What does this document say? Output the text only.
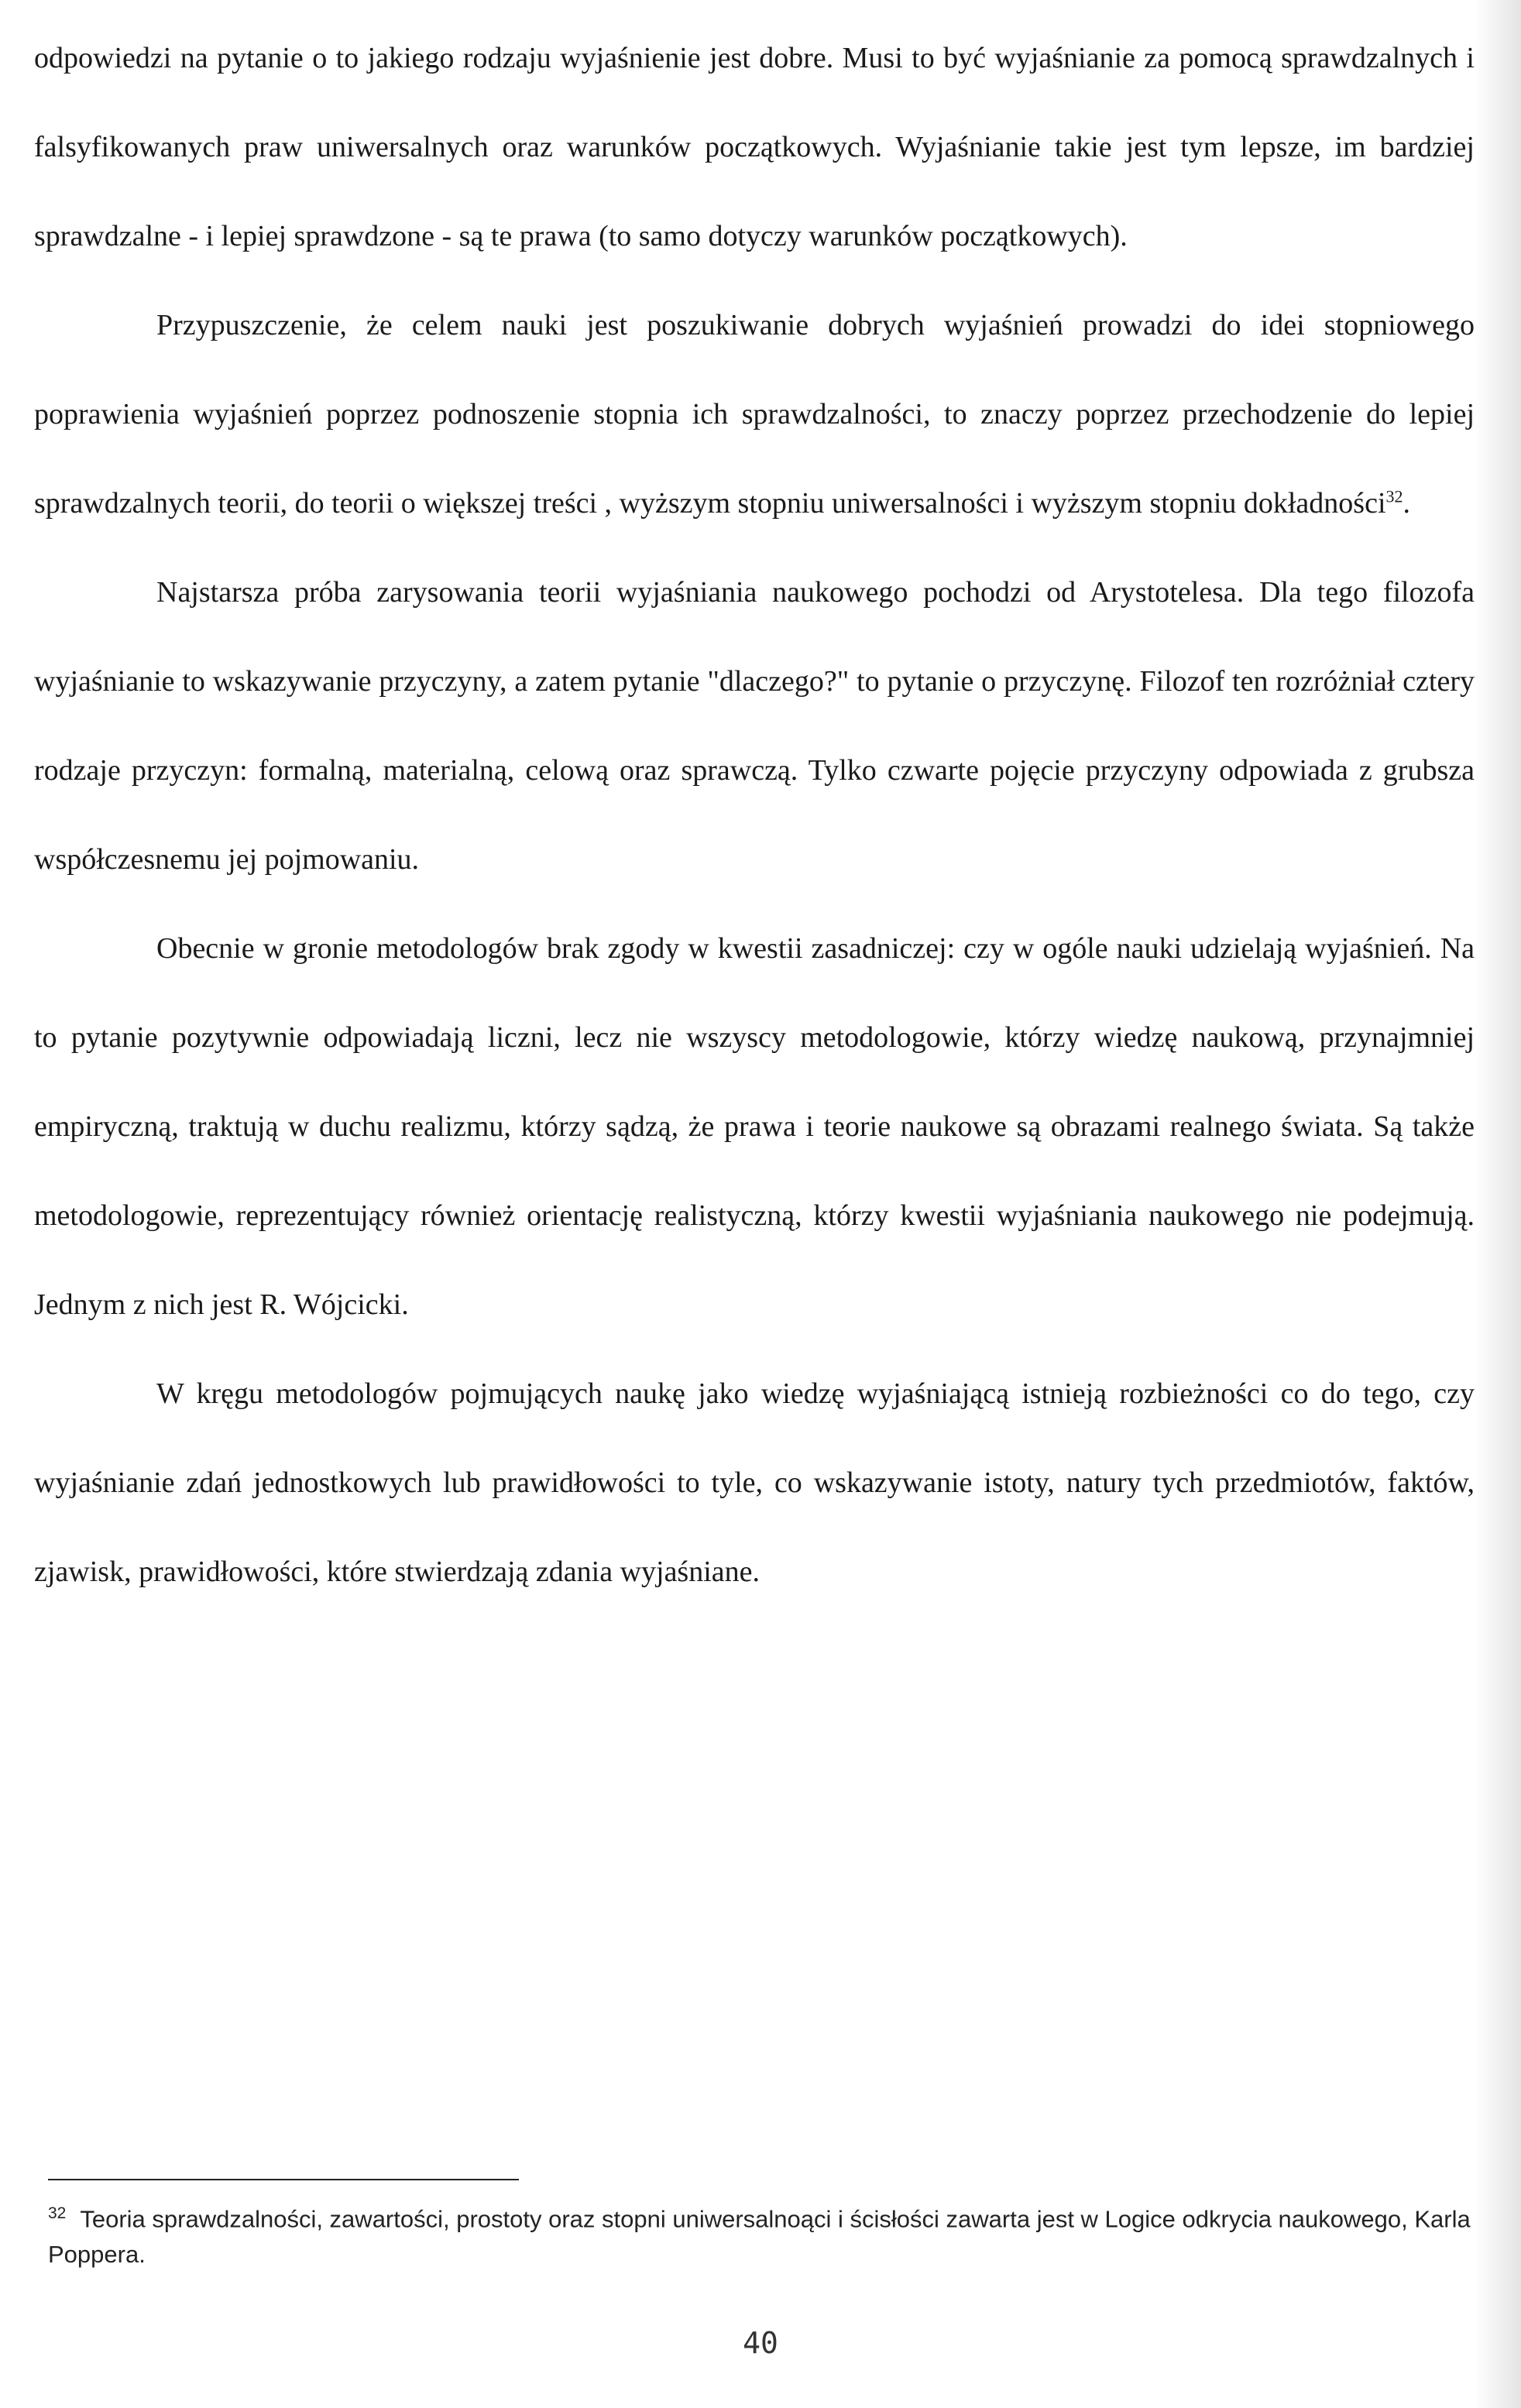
odpowiedzi na pytanie o to jakiego rodzaju wyjaśnienie jest dobre. Musi to być wyjaśnianie za pomocą sprawdzalnych i falsyfikowanych praw uniwersalnych oraz warunków początkowych. Wyjaśnianie takie jest tym lepsze, im bardziej sprawdzalne - i lepiej sprawdzone - są te prawa (to samo dotyczy warunków początkowych).

Przypuszczenie, że celem nauki jest poszukiwanie dobrych wyjaśnień prowadzi do idei stopniowego poprawienia wyjaśnień poprzez podnoszenie stopnia ich sprawdzalności, to znaczy poprzez przechodzenie do lepiej sprawdzalnych teorii, do teorii o większej treści , wyższym stopniu uniwersalności i wyższym stopniu dokładności$^{32}$.

Najstarsza próba zarysowania teorii wyjaśniania naukowego pochodzi od Arystotelesa. Dla tego filozofa wyjaśnianie to wskazywanie przyczyny, a zatem pytanie "dlaczego?" to pytanie o przyczynę. Filozof ten rozróżniał cztery rodzaje przyczyn: formalną, materialną, celową oraz sprawczą. Tylko czwarte pojęcie przyczyny odpowiada z grubsza współczesnemu jej pojmowaniu.

Obecnie w gronie metodologów brak zgody w kwestii zasadniczej: czy w ogóle nauki udzielają wyjaśnień. Na to pytanie pozytywnie odpowiadają liczni, lecz nie wszyscy metodologowie, którzy wiedzę naukową, przynajmniej empiryczną, traktują w duchu realizmu, którzy sądzą, że prawa i teorie naukowe są obrazami realnego świata. Są także metodologowie, reprezentujący również orientację realistyczną, którzy kwestii wyjaśniania naukowego nie podejmują. Jednym z nich jest R. Wójcicki.

W kręgu metodologów pojmujących naukę jako wiedzę wyjaśniającą istnieją rozbieżności co do tego, czy wyjaśnianie zdań jednostkowych lub prawidłowości to tyle, co wskazywanie istoty, natury tych przedmiotów, faktów, zjawisk, prawidłowości, które stwierdzają zdania wyjaśniane.

$^{32}$ Teoria sprawdzalności, zawartości, prostoty oraz stopni uniwersalnoąci i ścisłości zawarta jest w Logice odkrycia naukowego, Karla Poppera.
40
